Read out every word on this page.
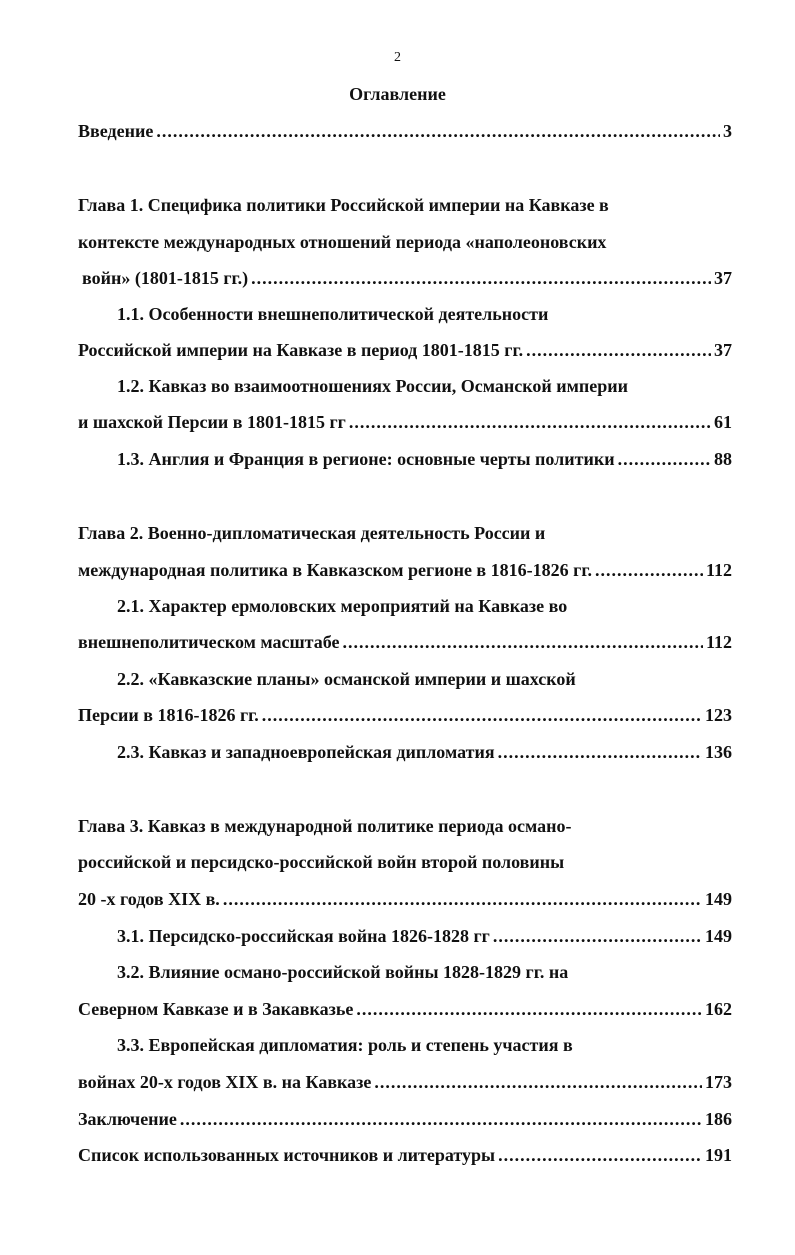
2
Оглавление
Введение .....	3
Глава 1. Специфика политики Российской империи на Кавказе в
контексте международных отношений периода «наполеоновских
войн» (1801-1815 гг.) .....	37
1.1. Особенности внешнеполитической деятельности
Российской империи на Кавказе в период 1801-1815 гг. .....	37
1.2. Кавказ во взаимоотношениях России, Османской империи
и шахской Персии в 1801-1815 гг .....	61
1.3. Англия и Франция в регионе: основные черты политики .....	88
Глава 2. Военно-дипломатическая деятельность России и
международная политика в Кавказском регионе в 1816-1826 гг. .....	112
2.1. Характер ермоловских мероприятий на Кавказе во
внешнеполитическом масштабе .....	112
2.2. «Кавказские планы» османской империи и шахской
Персии в 1816-1826 гг. .....	123
2.3. Кавказ и западноевропейская дипломатия .....	136
Глава 3. Кавказ в международной политике периода османо-
российской и персидско-российской войн второй половины
20 -х годов XIX в. .....	149
3.1. Персидско-российская война 1826-1828 гг .....	149
3.2. Влияние османо-российской войны 1828-1829 гг. на
Северном Кавказе и в Закавказье .....	162
3.3. Европейская дипломатия: роль и степень участия в
войнах 20-х годов XIX в. на Кавказе .....	173
Заключение .....	186
Список использованных источников и литературы .....	191
